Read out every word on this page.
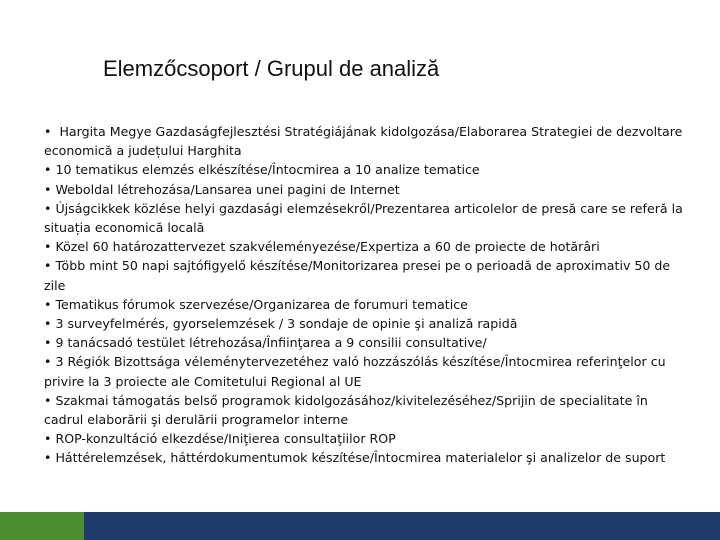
Elemzőcsoport / Grupul de analiză
• Hargita Megye Gazdaságfejlesztési Stratégiájának kidolgozása/Elaborarea Strategiei de dezvoltare economică a județului Harghita
• 10 tematikus elemzés elkészítése/Întocmirea a 10 analize tematice
• Weboldal létrehozása/Lansarea unei pagini de Internet
• Újságcikkek közlése helyi gazdasági elemzésekről/Prezentarea articolelor de presă care se referă la situația economică locală
• Közel 60 határozattervezet szakvéleményezése/Expertiza a 60 de proiecte de hotărâri
• Több mint 50 napi sajtófigyelő készítése/Monitorizarea presei pe o perioadă de aproximativ 50 de zile
• Tematikus fórumok szervezése/Organizarea de forumuri tematice
• 3 surveyfelmérés, gyorselemzések / 3 sondaje de opinie şi analiză rapidă
• 9 tanácsadó testület létrehozása/Înfiinţarea a 9 consilii consultative/
• 3 Régiók Bizottsága véleménytervezetéhez való hozzászólás készítése/Întocmirea referinţelor cu privire la 3 proiecte ale Comitetului Regional al UE
• Szakmai támogatás belső programok kidolgozásához/kivitelezéséhez/Sprijin de specialitate în cadrul elaborării şi derulării programelor interne
• ROP-konzultáció elkezdése/Iniţierea consultaţiilor ROP
• Háttérelemzések, háttérdokumentumok készítése/Întocmirea materialelor şi analizelor de suport
